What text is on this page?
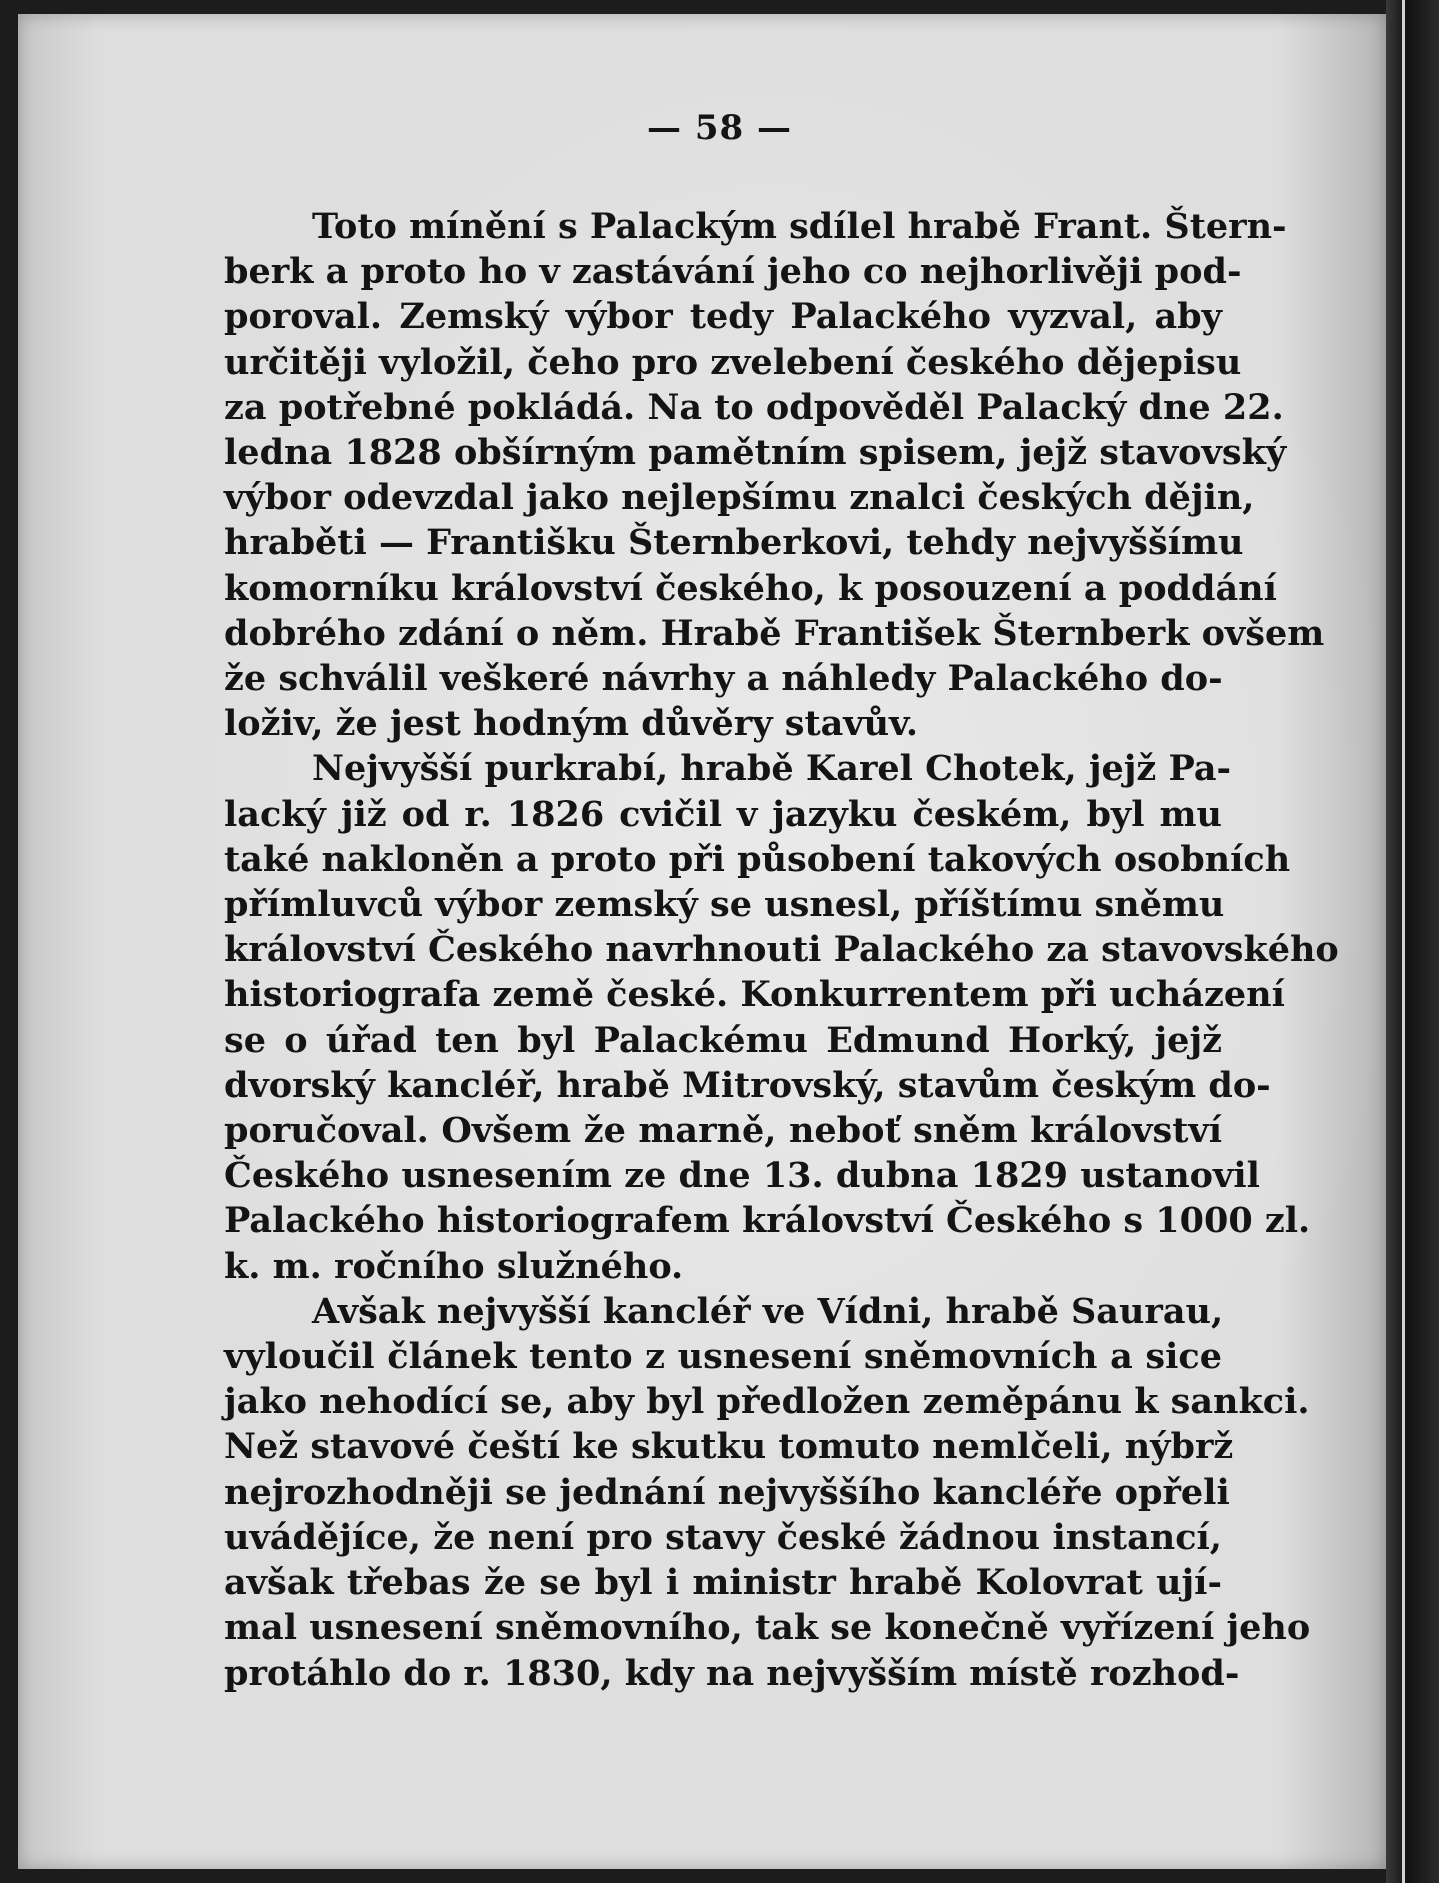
— 58 —
Toto mínění s Palackým sdílel hrabě Frant. Štern-
berk a proto ho v zastávání jeho co nejhorlivěji pod-
poroval. Zemský výbor tedy Palackého vyzval, aby
určitěji vyložil, čeho pro zvelebení českého dějepisu
za potřebné pokládá. Na to odpověděl Palacký dne 22.
ledna 1828 obšírným pamětním spisem, jejž stavovský
výbor odevzdal jako nejlepšímu znalci českých dějin,
hraběti — Františku Šternberkovi, tehdy nejvyššímu
komorníku království českého, k posouzení a poddání
dobrého zdání o něm. Hrabě František Šternberk ovšem
že schválil veškeré návrhy a náhledy Palackého do-
loživ, že jest hodným důvěry stavův.
Nejvyšší purkrabí, hrabě Karel Chotek, jejž Pa-
lacký již od r. 1826 cvičil v jazyku českém, byl mu
také nakloněn a proto při působení takových osobních
přímluvců výbor zemský se usnesl, příštímu sněmu
království Českého navrhnouti Palackého za stavovského
historiografa země české. Konkurrentem při ucházení
se o úřad ten byl Palackému Edmund Horký, jejž
dvorský kancléř, hrabě Mitrovský, stavům českým do-
poručoval. Ovšem že marně, neboť sněm království
Českého usnesením ze dne 13. dubna 1829 ustanovil
Palackého historiografem království Českého s 1000 zl.
k. m. ročního služného.
Avšak nejvyšší kancléř ve Vídni, hrabě Saurau,
vyloučil článek tento z usnesení sněmovních a sice
jako nehodící se, aby byl předložen zeměpánu k sankci.
Než stavové čeští ke skutku tomuto nemlčeli, nýbrž
nejrozhodněji se jednání nejvyššího kancléře opřeli
uvádějíce, že není pro stavy české žádnou instancí,
avšak třebas že se byl i ministr hrabě Kolovrat ují-
mal usnesení sněmovního, tak se konečně vyřízení jeho
protáhlo do r. 1830, kdy na nejvyšším místě rozhod-
